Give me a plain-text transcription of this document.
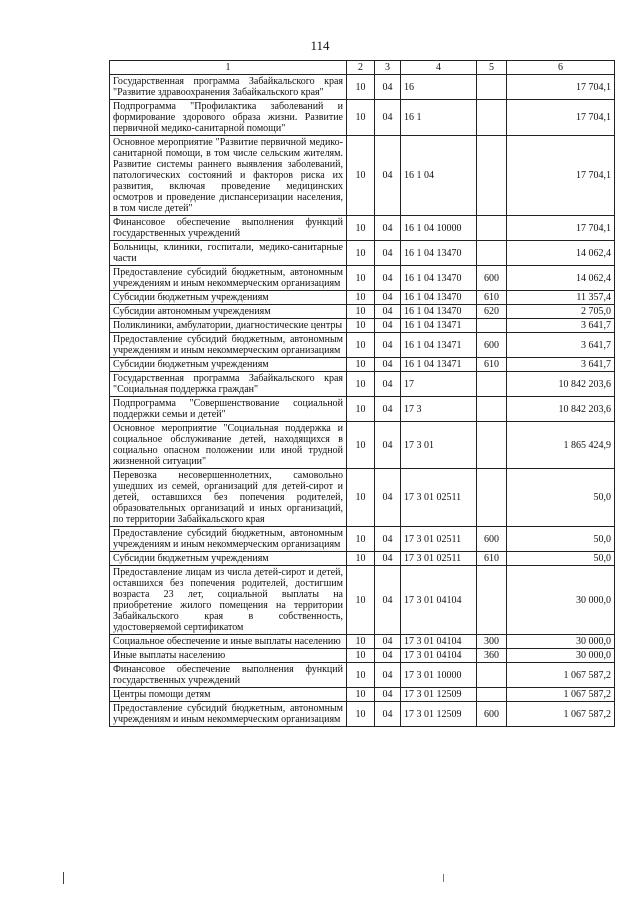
114
1	2	3	4	5	6
Государственная программа Забайкальского края "Развитие здравоохранения Забайкальского края"	10	04	16		17 704,1
Подпрограмма "Профилактика заболеваний и формирование здорового образа жизни. Развитие первичной медико-санитарной помощи"	10	04	16 1		17 704,1
Основное мероприятие "Развитие первичной медико-санитарной помощи, в том числе сельским жителям. Развитие системы раннего выявления заболеваний, патологических состояний и факторов риска их развития, включая проведение медицинских осмотров и проведение диспансеризации населения, в том числе детей"	10	04	16 1 04		17 704,1
Финансовое обеспечение выполнения функций государственных учреждений	10	04	16 1 04 10000		17 704,1
Больницы, клиники, госпитали, медико-санитарные части	10	04	16 1 04 13470		14 062,4
Предоставление субсидий бюджетным, автономным учреждениям и иным некоммерческим организациям	10	04	16 1 04 13470	600	14 062,4
Субсидии бюджетным учреждениям	10	04	16 1 04 13470	610	11 357,4
Субсидии автономным учреждениям	10	04	16 1 04 13470	620	2 705,0
Поликлиники, амбулатории, диагностические центры	10	04	16 1 04 13471		3 641,7
Предоставление субсидий бюджетным, автономным учреждениям и иным некоммерческим организациям	10	04	16 1 04 13471	600	3 641,7
Субсидии бюджетным учреждениям	10	04	16 1 04 13471	610	3 641,7
Государственная программа Забайкальского края "Социальная поддержка граждан"	10	04	17		10 842 203,6
Подпрограмма "Совершенствование социальной поддержки семьи и детей"	10	04	17 3		10 842 203,6
Основное мероприятие "Социальная поддержка и социальное обслуживание детей, находящихся в социально опасном положении или иной трудной жизненной ситуации"	10	04	17 3 01		1 865 424,9
Перевозка несовершеннолетних, самовольно ушедших из семей, организаций для детей-сирот и детей, оставшихся без попечения родителей, образовательных организаций и иных организаций, по территории Забайкальского края	10	04	17 3 01 02511		50,0
Предоставление субсидий бюджетным, автономным учреждениям и иным некоммерческим организациям	10	04	17 3 01 02511	600	50,0
Субсидии бюджетным учреждениям	10	04	17 3 01 02511	610	50,0
Предоставление лицам из числа детей-сирот и детей, оставшихся без попечения родителей, достигшим возраста 23 лет, социальной выплаты на приобретение жилого помещения на территории Забайкальского края в собственность, удостоверяемой сертификатом	10	04	17 3 01 04104		30 000,0
Социальное обеспечение и иные выплаты населению	10	04	17 3 01 04104	300	30 000,0
Иные выплаты населению	10	04	17 3 01 04104	360	30 000,0
Финансовое обеспечение выполнения функций государственных учреждений	10	04	17 3 01 10000		1 067 587,2
Центры помощи детям	10	04	17 3 01 12509		1 067 587,2
Предоставление субсидий бюджетным, автономным учреждениям и иным некоммерческим организациям	10	04	17 3 01 12509	600	1 067 587,2
